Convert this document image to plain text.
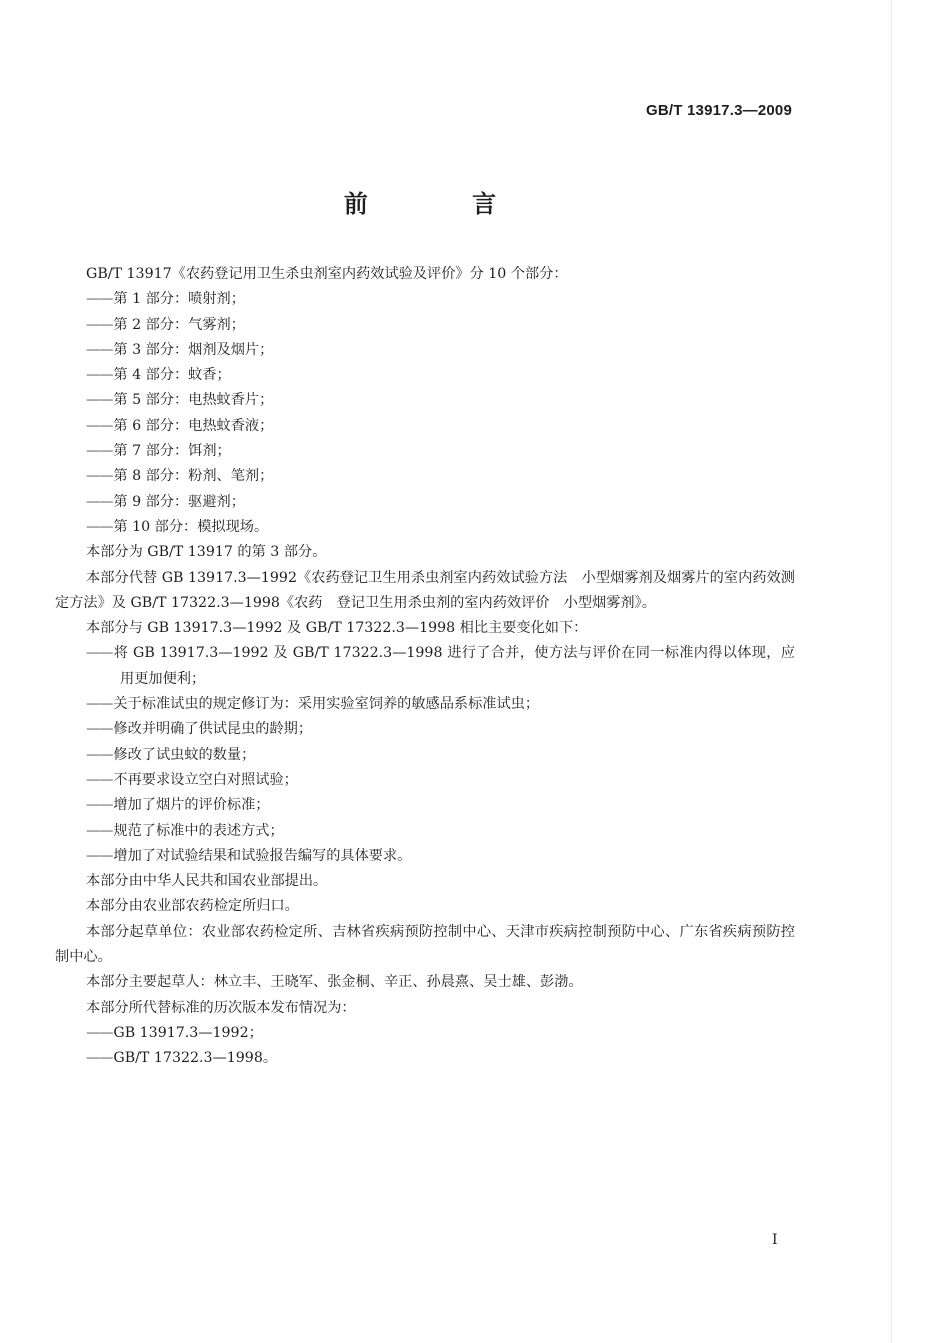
GB/T 13917.3—2009
前 言

GB/T 13917《农药登记用卫生杀虫剂室内药效试验及评价》分 10 个部分：

—— 第 1 部分：喷射剂；

—— 第 2 部分：气雾剂；

—— 第 3 部分：烟剂及烟片；

—— 第 4 部分：蚊香；

—— 第 5 部分：电热蚊香片；

—— 第 6 部分：电热蚊香液；

—— 第 7 部分：饵剂；

—— 第 8 部分：粉剂、笔剂；

—— 第 9 部分：驱避剂；

—— 第 10 部分：模拟现场。

本部分为 GB/T 13917 的第 3 部分。

本部分代替 GB 13917.3—1992《农药登记卫生用杀虫剂室内药效试验方法　小型烟雾剂及烟雾片的室内药效测定方法》及 GB/T 17322.3—1998《农药　登记卫生用杀虫剂的室内药效评价　小型烟雾剂》。

本部分与 GB 13917.3—1992 及 GB/T 17322.3—1998 相比主要变化如下：

—— 将 GB 13917.3—1992 及 GB/T 17322.3—1998 进行了合并，使方法与评价在同一标准内得以体现，应用更加便利；

—— 关于标准试虫的规定修订为：采用实验室饲养的敏感品系标准试虫；

—— 修改并明确了供试昆虫的龄期；

—— 修改了试虫蚊的数量；

—— 不再要求设立空白对照试验；

—— 增加了烟片的评价标准；

—— 规范了标准中的表述方式；

—— 增加了对试验结果和试验报告编写的具体要求。

本部分由中华人民共和国农业部提出。

本部分由农业部农药检定所归口。

本部分起草单位：农业部农药检定所、吉林省疾病预防控制中心、天津市疾病控制预防中心、广东省疾病预防控制中心。

本部分主要起草人：林立丰、王晓军、张金桐、辛正、孙晨熹、吴士雄、彭渤。

本部分所代替标准的历次版本发布情况为：

—— GB 13917.3—1992；

—— GB/T 17322.3—1998。

I
